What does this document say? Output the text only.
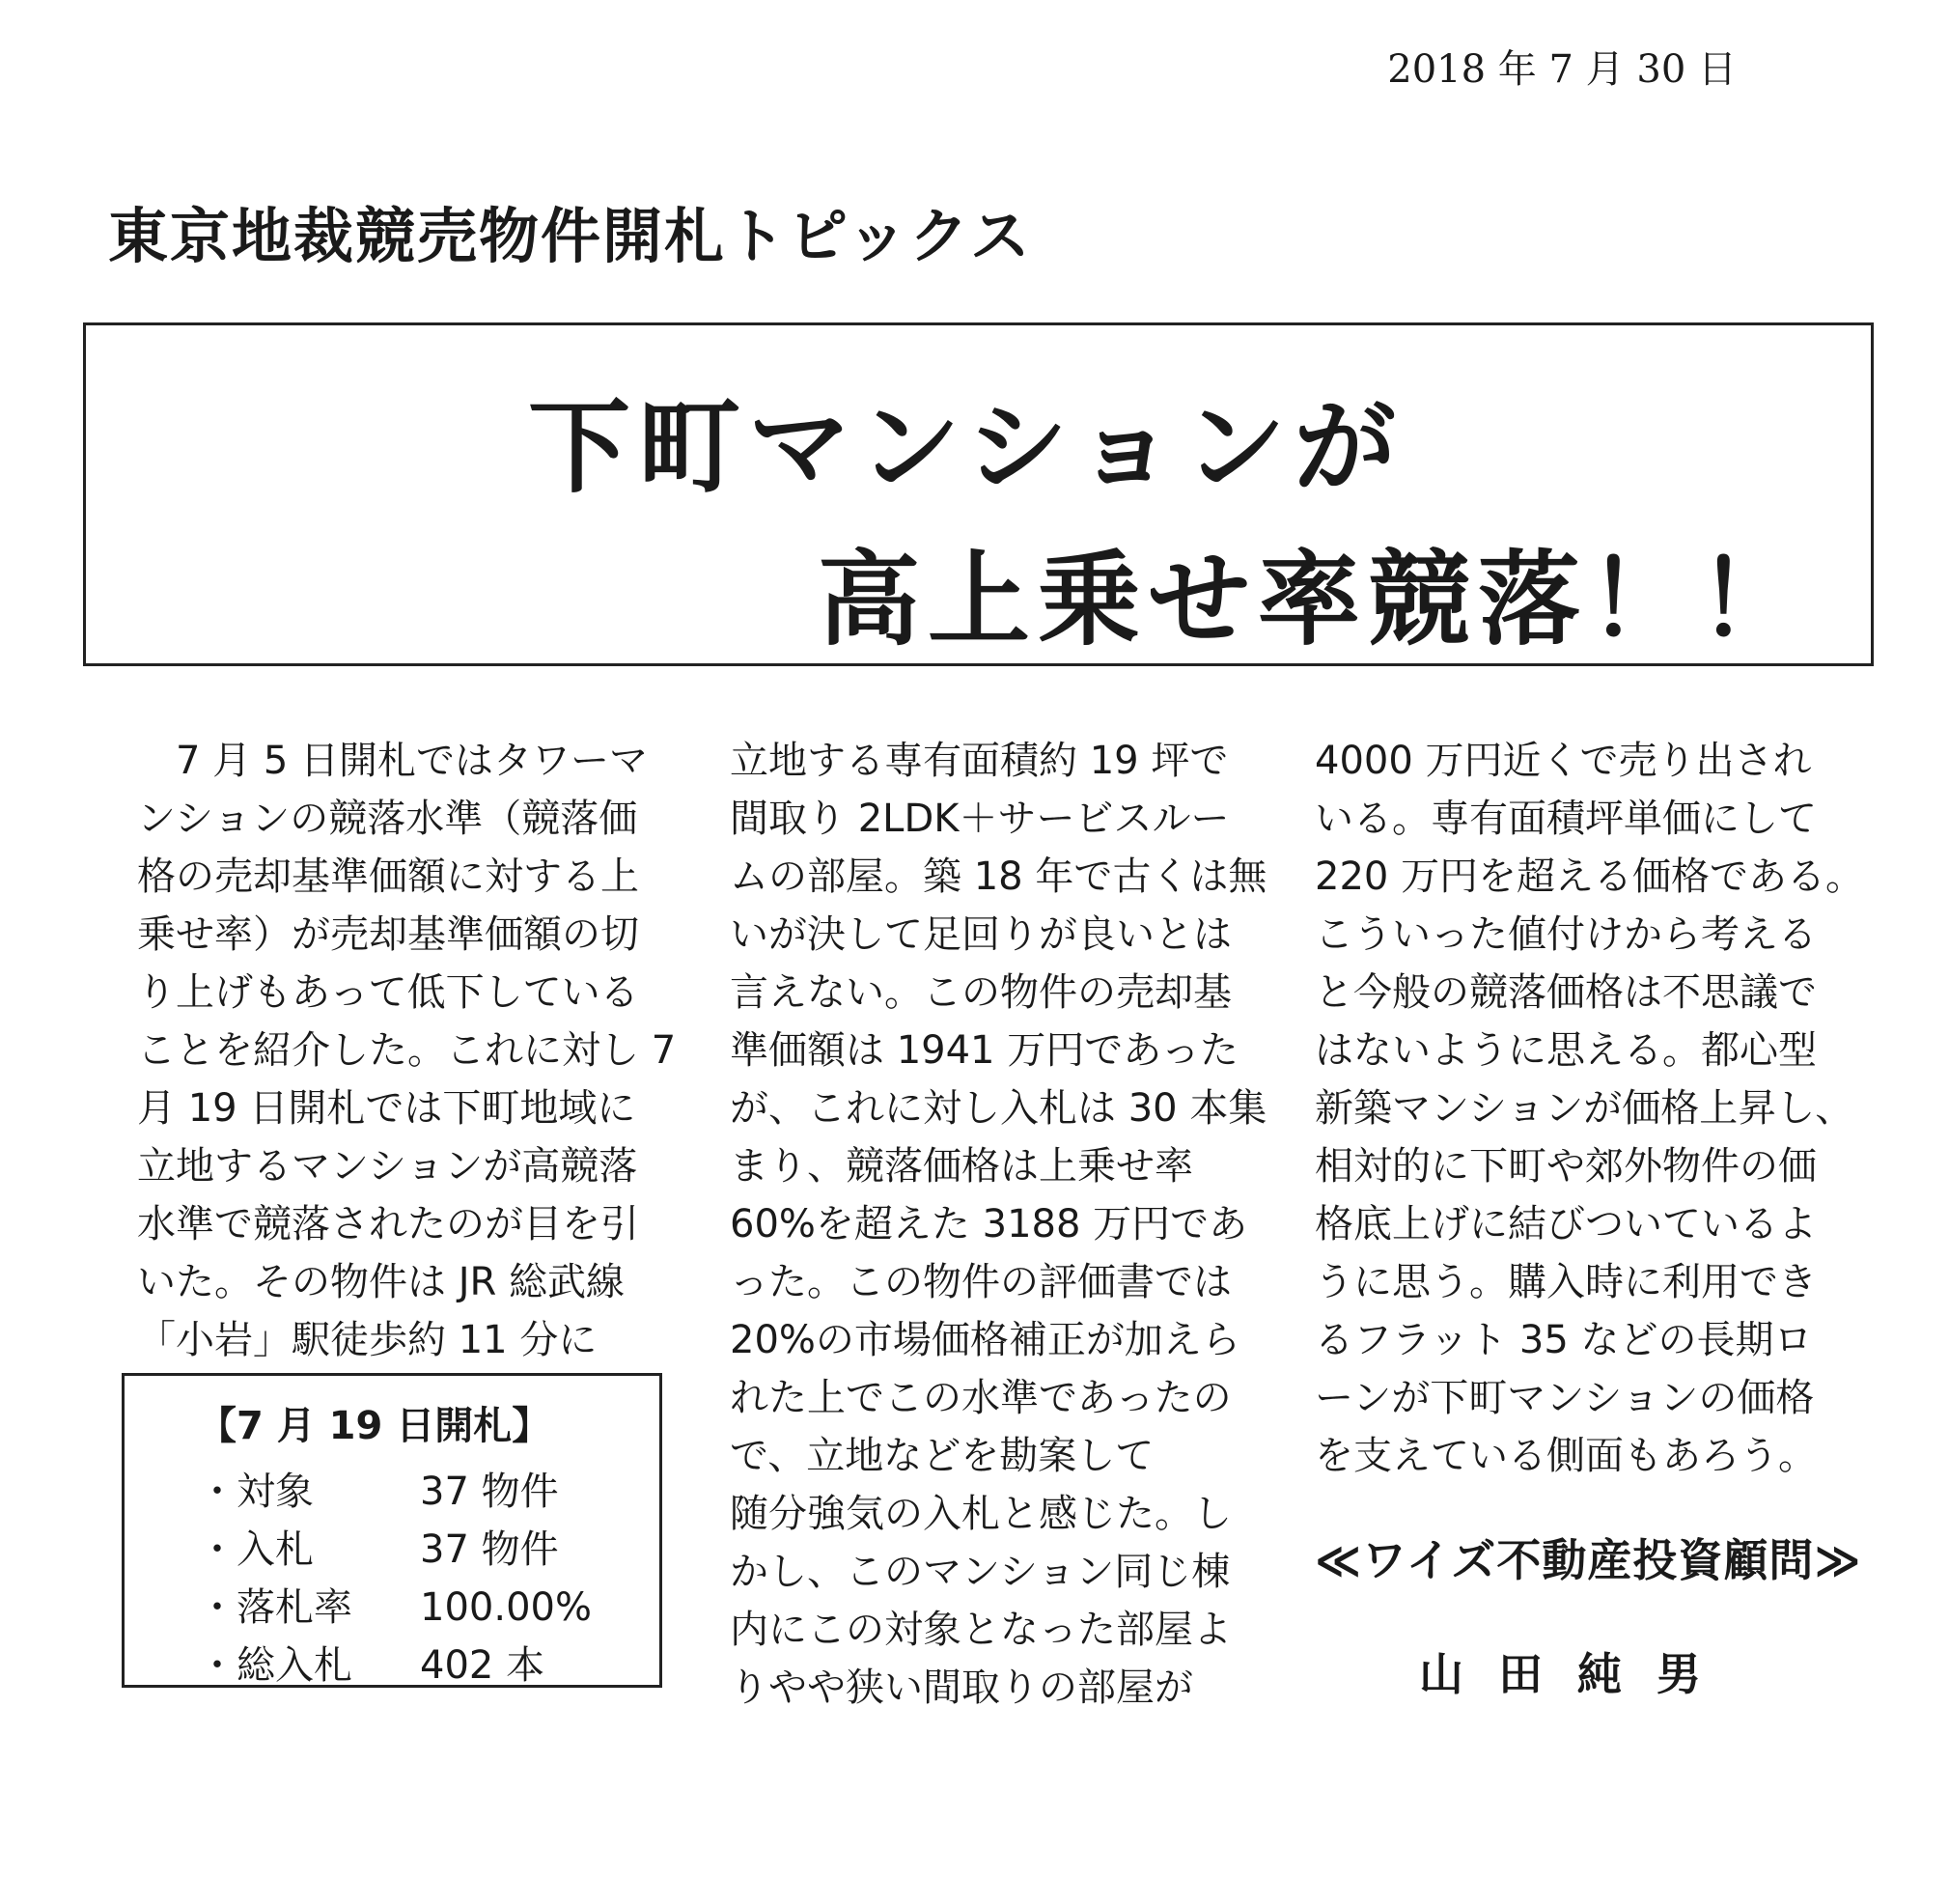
2018 年 7 月 30 日
東京地裁競売物件開札トピックス
下町マンションが
高上乗せ率競落！！
　7 月 5 日開札ではタワーマ
ンションの競落水準（競落価
格の売却基準価額に対する上
乗せ率）が売却基準価額の切
り上げもあって低下している
ことを紹介した。これに対し 7
月 19 日開札では下町地域に
立地するマンションが高競落
水準で競落されたのが目を引
いた。その物件は JR 総武線
「小岩」駅徒歩約 11 分に
立地する専有面積約 19 坪で
間取り 2LDK＋サービスルー
ムの部屋。築 18 年で古くは無
いが決して足回りが良いとは
言えない。この物件の売却基
準価額は 1941 万円であった
が、これに対し入札は 30 本集
まり、競落価格は上乗せ率
60%を超えた 3188 万円であ
った。この物件の評価書では
20%の市場価格補正が加えら
れた上でこの水準であったの
で、立地などを勘案して
随分強気の入札と感じた。し
かし、このマンション同じ棟
内にこの対象となった部屋よ
りやや狭い間取りの部屋が
4000 万円近くで売り出され
いる。専有面積坪単価にして
220 万円を超える価格である。
こういった値付けから考える
と今般の競落価格は不思議で
はないように思える。都心型
新築マンションが価格上昇し、
相対的に下町や郊外物件の価
格底上げに結びついているよ
うに思う。購入時に利用でき
るフラット 35 などの長期ロ
ーンが下町マンションの価格
を支えている側面もあろう。
【7 月 19 日開札】
・対象	37 物件
・入札	37 物件
・落札率 100.00%
・総入札 402 本
≪ワイズ不動産投資顧問≫
山田純男
